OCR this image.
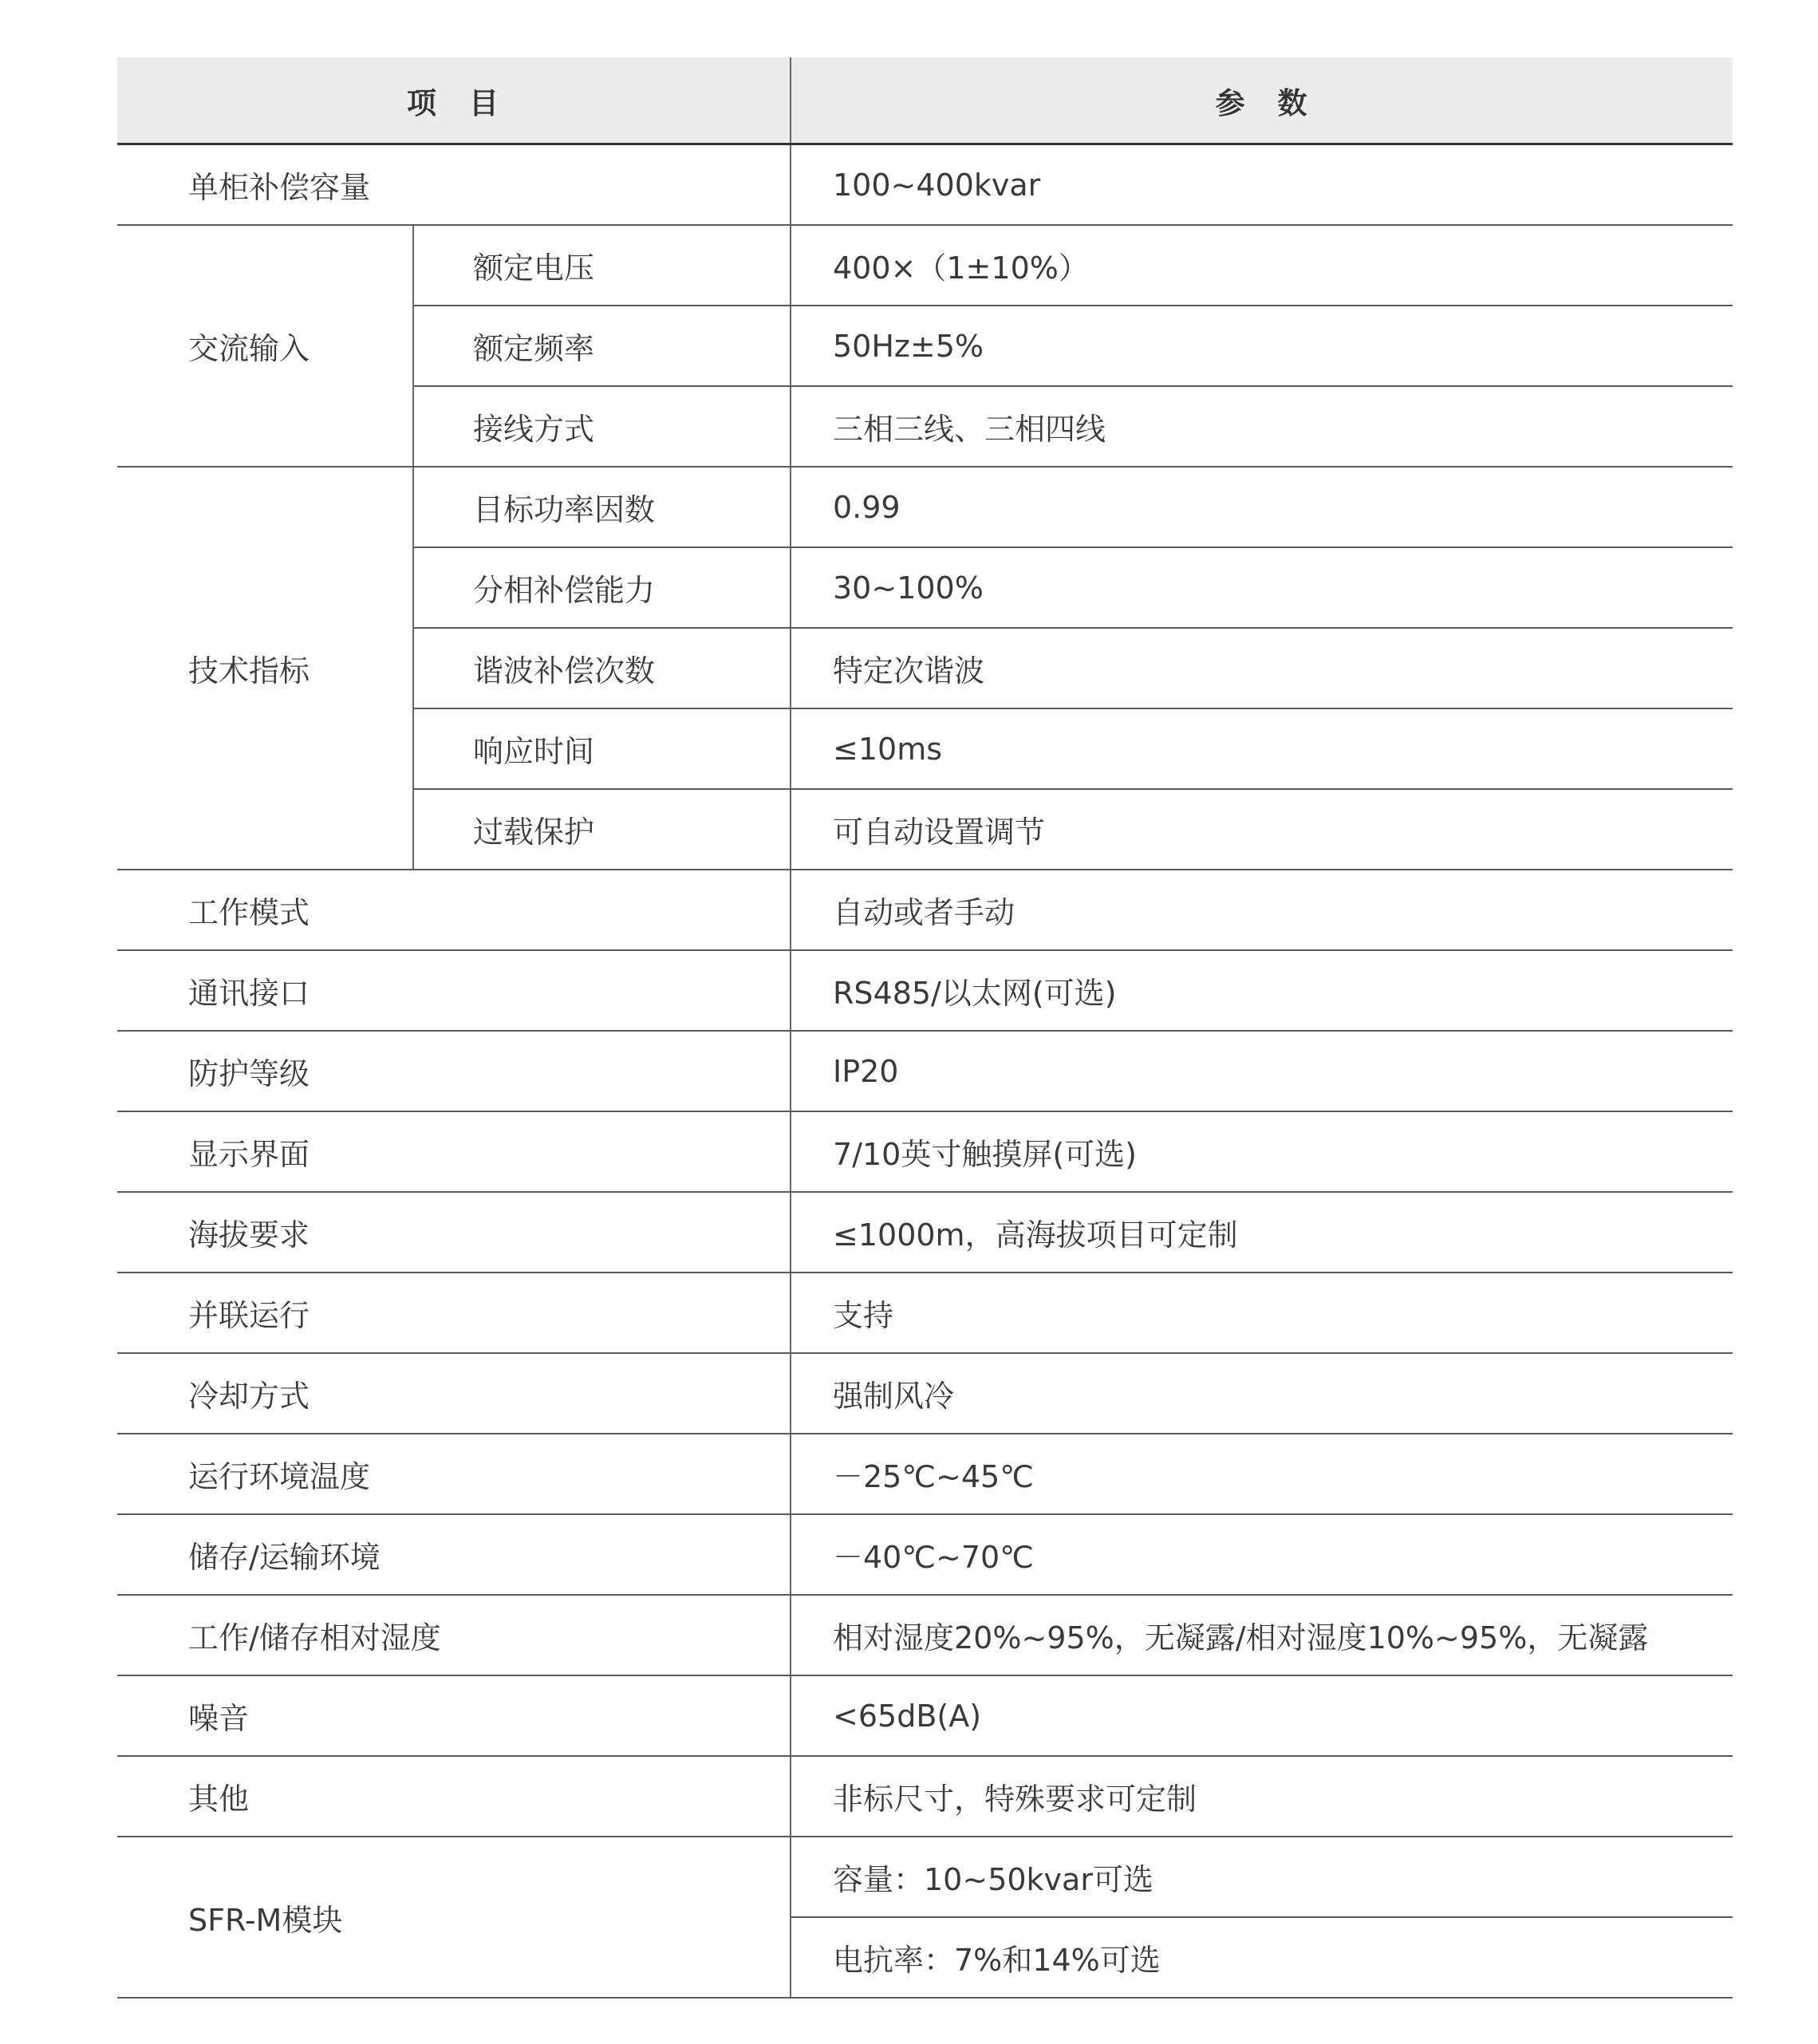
项　目		参　数
单柜补偿容量		100~400kvar
交流输入	额定电压	400×（1±10%）
	额定频率	50Hz±5%
	接线方式	三相三线、三相四线
技术指标	目标功率因数	0.99
	分相补偿能力	30~100%
	谐波补偿次数	特定次谐波
	响应时间	≤10ms
	过载保护	可自动设置调节
工作模式		自动或者手动
通讯接口		RS485/以太网(可选)
防护等级		IP20
显示界面		7/10英寸触摸屏(可选)
海拔要求		≤1000m，高海拔项目可定制
并联运行		支持
冷却方式		强制风冷
运行环境温度		－25℃~45℃
储存/运输环境		－40℃~70℃
工作/储存相对湿度		相对湿度20%~95%，无凝露/相对湿度10%~95%，无凝露
噪音		<65dB(A)
其他		非标尺寸，特殊要求可定制
SFR-M模块		容量：10~50kvar可选
		电抗率：7%和14%可选
